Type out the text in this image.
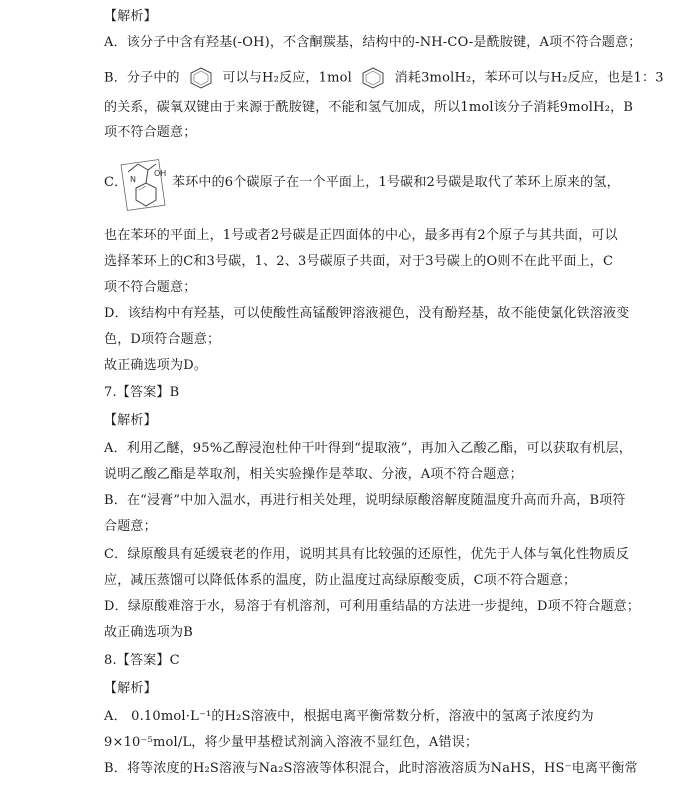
【解析】
A．该分子中含有羟基(-OH)，不含酮羰基，结构中的-NH-CO-是酰胺键，A项不符合题意；
B．分子中的	可以与H₂反应，1mol	消耗3molH₂，苯环可以与H₂反应，也是1：3
的关系，碳氧双键由于来源于酰胺键，不能和氢气加成，所以1mol该分子消耗9molH₂，B
项不符合题意；
C． N
OH
苯环中的6个碳原子在一个平面上，1号碳和2号碳是取代了苯环上原来的氢，
也在苯环的平面上，1号或者2号碳是正四面体的中心，最多再有2个原子与其共面，可以
选择苯环上的C和3号碳，1、2、3号碳原子共面，对于3号碳上的O则不在此平面上，C
项不符合题意；
D．该结构中有羟基，可以使酸性高锰酸钾溶液褪色，没有酚羟基，故不能使氯化铁溶液变
色，D项符合题意；
故正确选项为D。
7.【答案】B
【解析】
A．利用乙醚，95%乙醇浸泡杜仲干叶得到“提取液”，再加入乙酸乙酯，可以获取有机层，
说明乙酸乙酯是萃取剂，相关实验操作是萃取、分液，A项不符合题意；
B．在“浸膏”中加入温水，再进行相关处理，说明绿原酸溶解度随温度升高而升高，B项符
合题意；
C．绿原酸具有延缓衰老的作用，说明其具有比较强的还原性，优先于人体与氧化性物质反
应，减压蒸馏可以降低体系的温度，防止温度过高绿原酸变质，C项不符合题意；
D．绿原酸难溶于水，易溶于有机溶剂，可利用重结晶的方法进一步提纯，D项不符合题意；
故正确选项为B
8.【答案】C
【解析】
A． 0.10mol·L⁻¹的H₂S溶液中，根据电离平衡常数分析，溶液中的氢离子浓度约为
9×10⁻⁵mol/L，将少量甲基橙试剂滴入溶液不显红色，A错误；
B．将等浓度的H₂S溶液与Na₂S溶液等体积混合，此时溶液溶质为NaHS，HS⁻电离平衡常
